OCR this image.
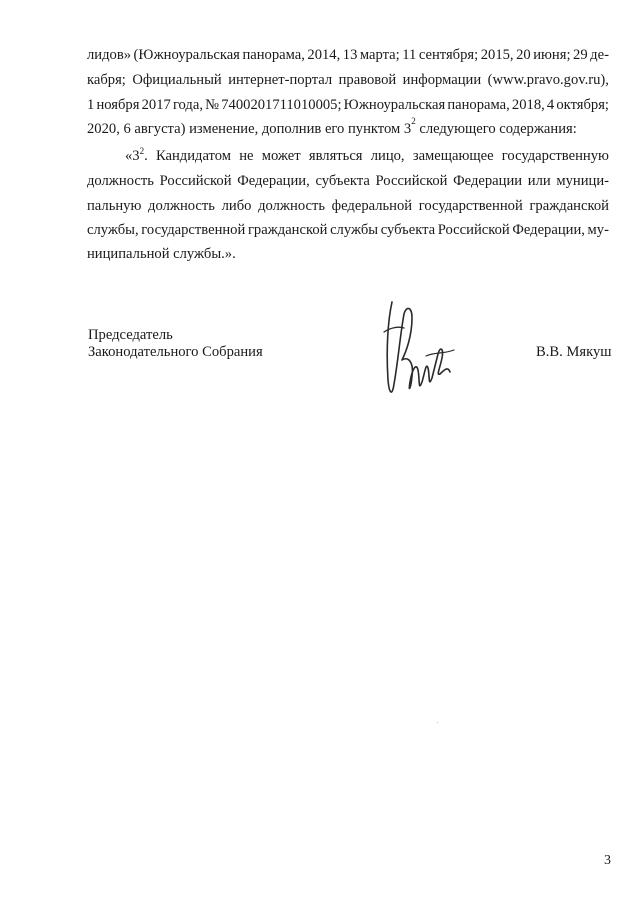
лидов» (Южноуральская панорама, 2014, 13 марта; 11 сентября; 2015, 20 июня; 29 де-
кабря; Официальный интернет-портал правовой информации (www.pravo.gov.ru),
1 ноября 2017 года, № 7400201711010005; Южноуральская панорама, 2018, 4 октября;
2020, 6 августа) изменение, дополнив его пунктом 3 2 следующего содержания:
«$3^2$. Кандидатом не может являться лицо, замещающее государственную
должность Российской Федерации, субъекта Российской Федерации или муници-
пальную должность либо должность федеральной государственной гражданской
службы, государственной гражданской службы субъекта Российской Федерации, му-
ниципальной службы.».
Председатель
Законодательного Собрания	В.В. Мякуш
3
